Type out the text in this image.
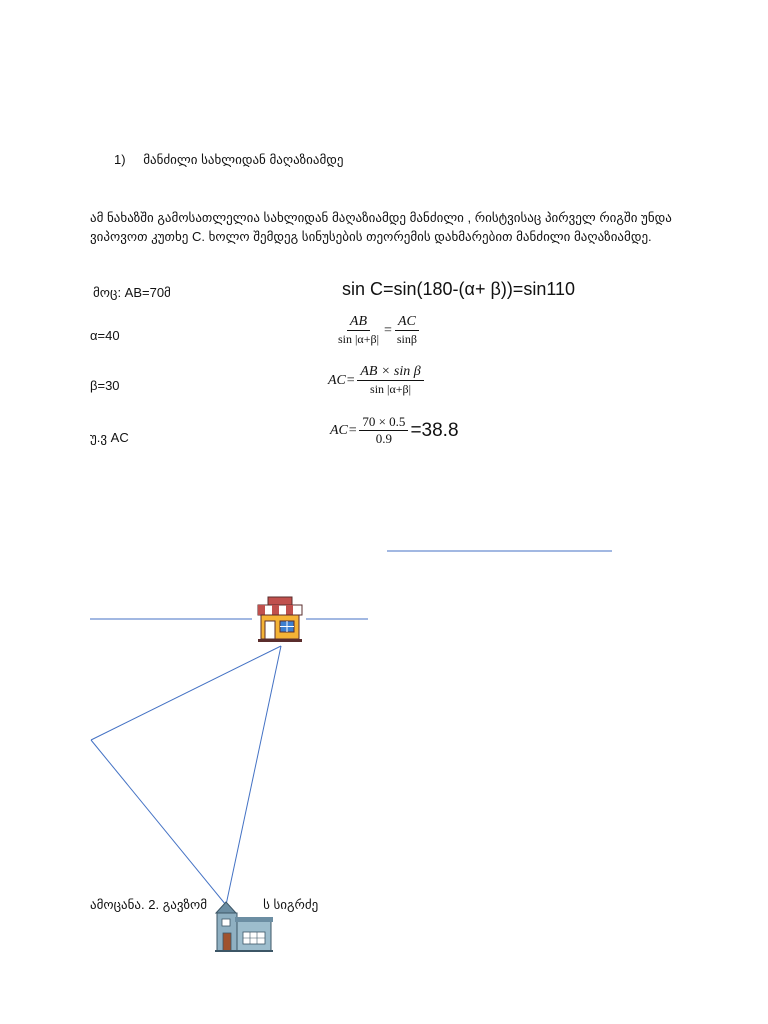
1) მანძილი სახლიდან მაღაზიამდე
ამ ნახაზში გამოსათლელია სახლიდან მაღაზიამდე მანძილი , რისტვისაც პირველ რიგში უნდა ვიპოვოთ კუთხე C. ხოლო შემდეგ სინუსების თეორემის დახმარებით მანძილი მაღაზიამდე.
მოც: AB=70მ
α=40
β=30
უ.ვ AC
sin C=sin(180-(α+ β))=sin110
$\frac{AB}{\sin |\alpha+\beta|} = \frac{AC}{\sin\beta}$
$AC= \frac{\text{AB × sin β}}{\sin |\alpha+\beta|}$
$AC= \frac{70 \times 0.5}{0.9} =38.8$
ამოცანა. 2. გავზომ	ს სიგრძე
